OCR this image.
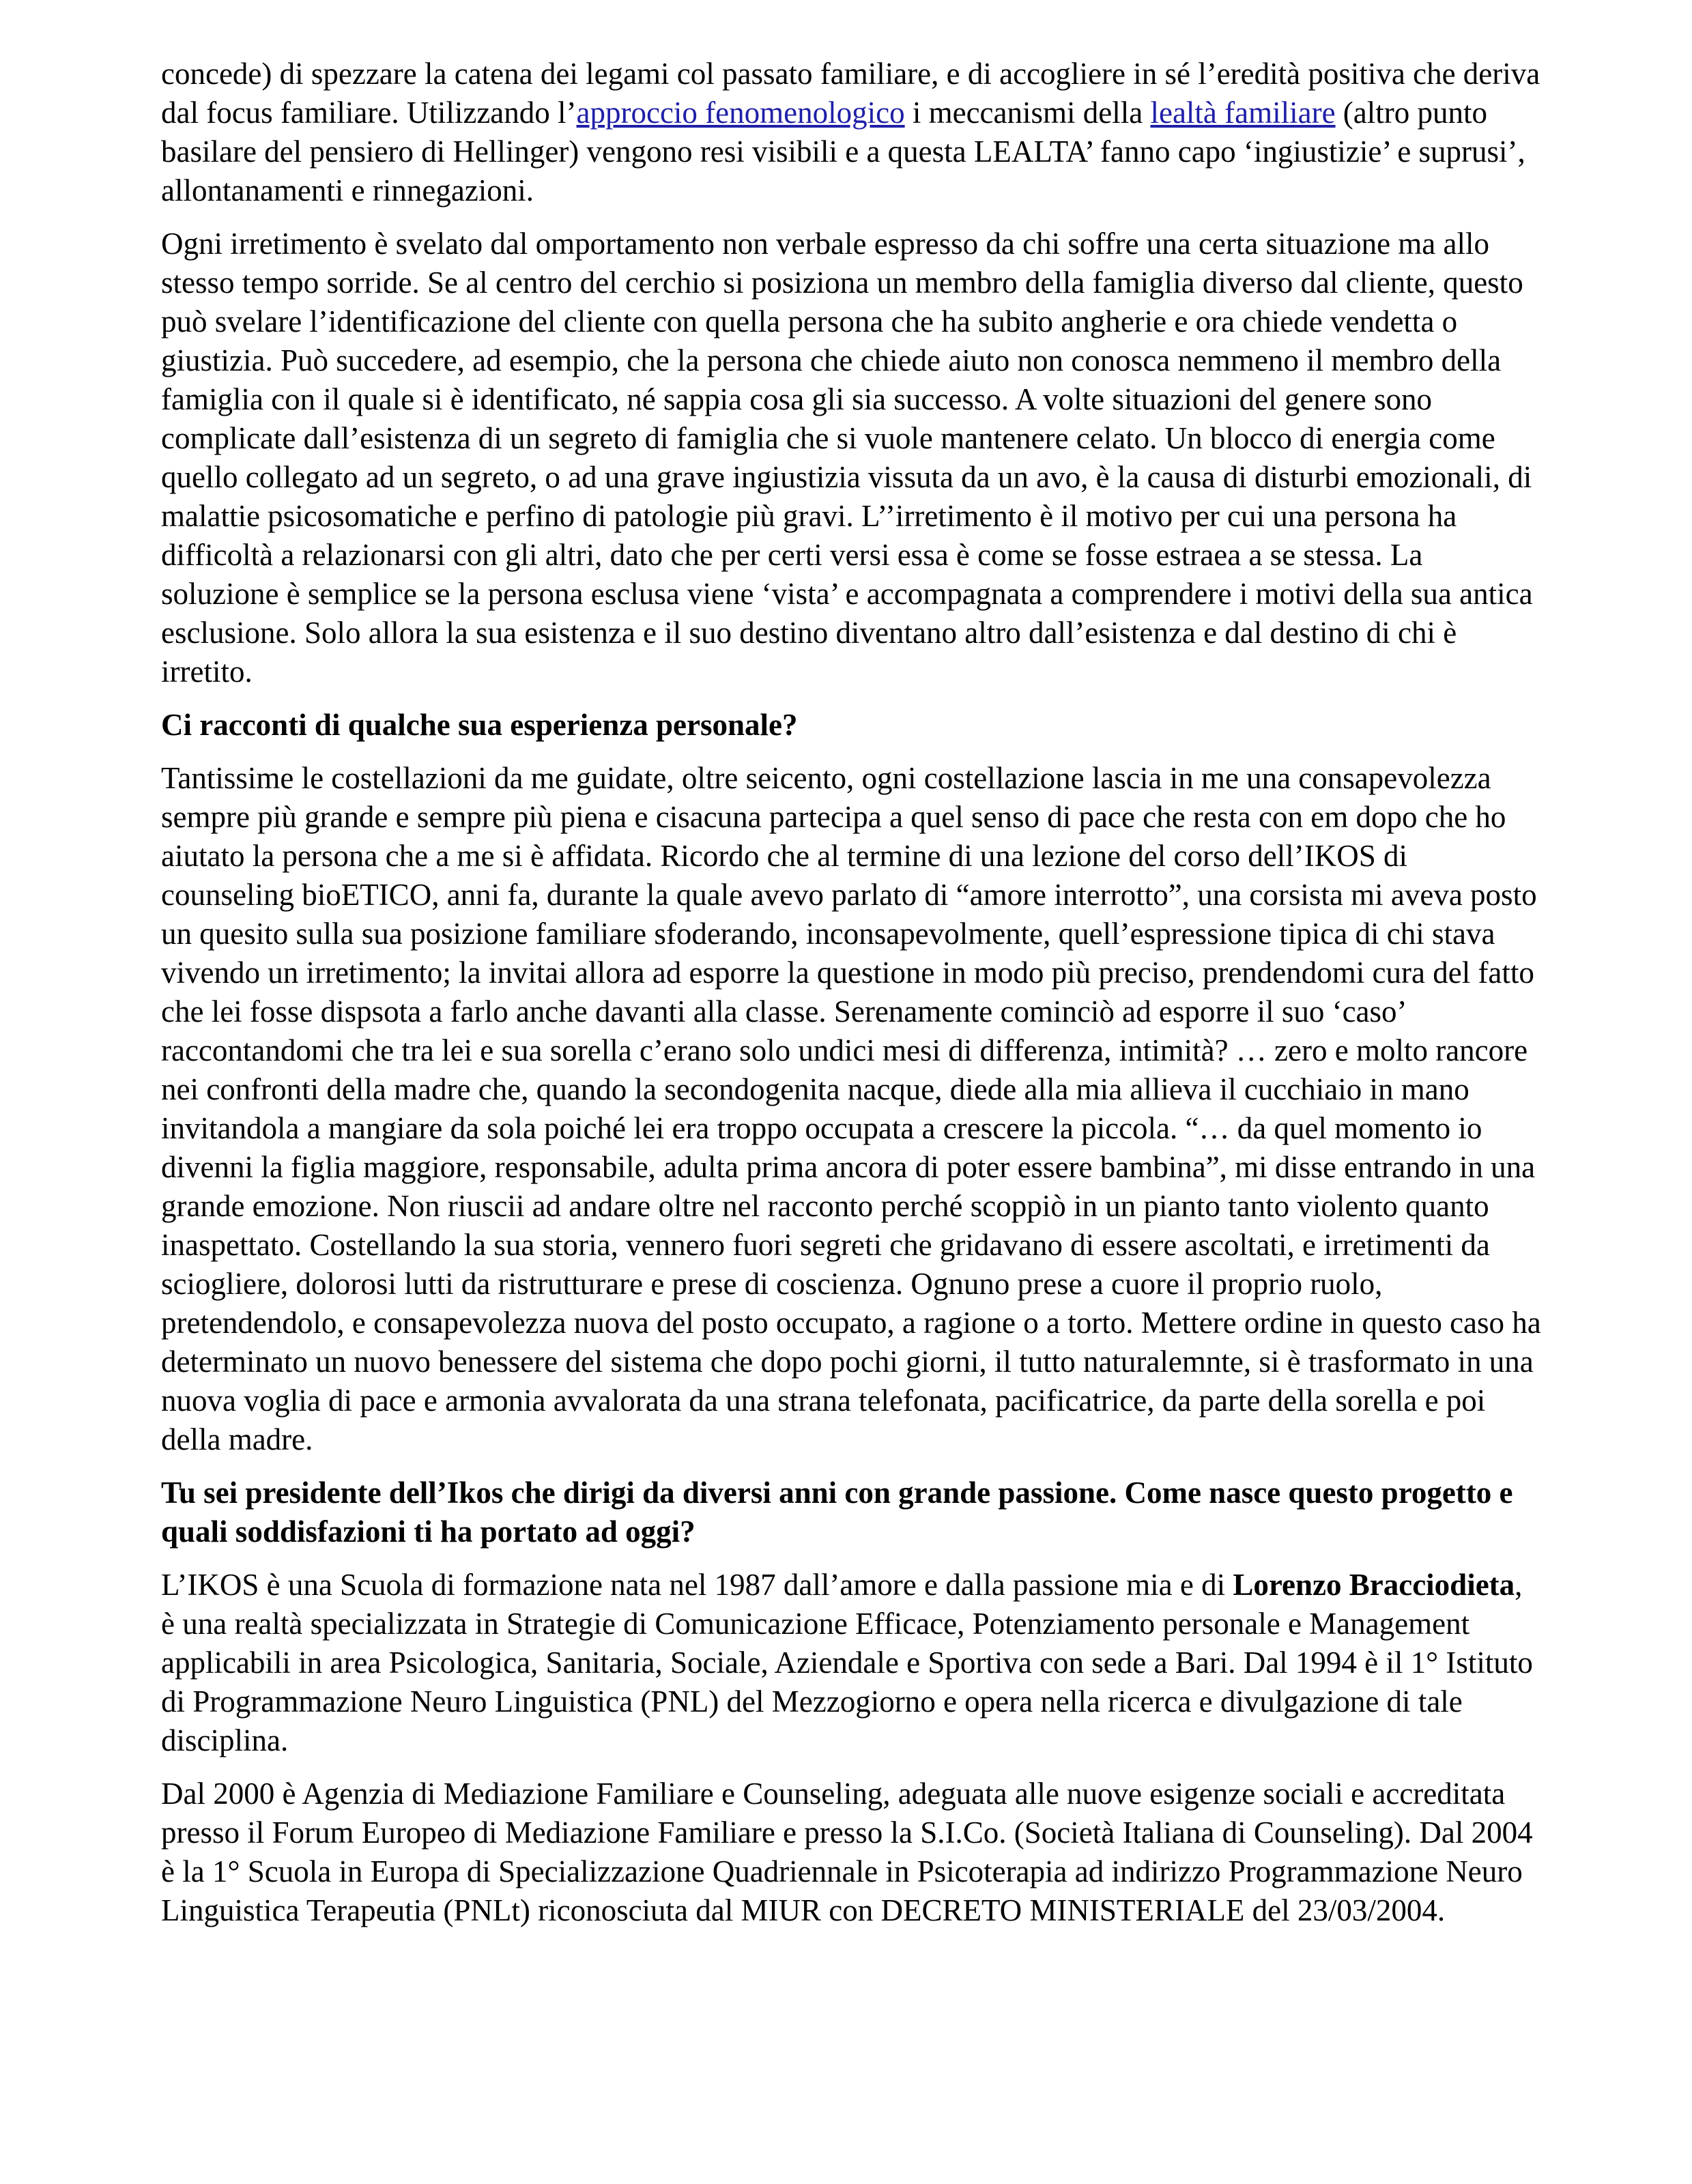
concede) di spezzare la catena dei legami col passato familiare, e di accogliere in sé l’eredità positiva che deriva dal focus familiare. Utilizzando l’approccio fenomenologico i meccanismi della lealtà familiare (altro punto basilare del pensiero di Hellinger) vengono resi visibili e a questa LEALTA’ fanno capo ‘ingiustizie’ e suprusi’, allontanamenti e rinnegazioni.

Ogni irretimento è svelato dal omportamento non verbale espresso da chi soffre una certa situazione ma allo stesso tempo sorride. Se al centro del cerchio si posiziona un membro della famiglia diverso dal cliente, questo può svelare l’identificazione del cliente con quella persona che ha subito angherie e ora chiede vendetta o giustizia. Può succedere, ad esempio, che la persona che chiede aiuto non conosca nemmeno il membro della famiglia con il quale si è identificato, né sappia cosa gli sia successo. A volte situazioni del genere sono complicate dall’esistenza di un segreto di famiglia che si vuole mantenere celato. Un blocco di energia come quello collegato ad un segreto, o ad una grave ingiustizia vissuta da un avo, è la causa di disturbi emozionali, di malattie psicosomatiche e perfino di patologie più gravi. L’’irretimento è il motivo per cui una persona ha difficoltà a relazionarsi con gli altri, dato che per certi versi essa è come se fosse estraea a se stessa. La soluzione è semplice se la persona esclusa viene ‘vista’ e accompagnata a comprendere i motivi della sua antica esclusione. Solo allora la sua esistenza e il suo destino diventano altro dall’esistenza e dal destino di chi è irretito.

Ci racconti di qualche sua esperienza personale?

Tantissime le costellazioni da me guidate, oltre seicento, ogni costellazione lascia in me una consapevolezza sempre più grande e sempre più piena e cisacuna partecipa a quel senso di pace che resta con em dopo che ho aiutato la persona che a me si è affidata. Ricordo che al termine di una lezione del corso dell’IKOS di counseling bioETICO, anni fa, durante la quale avevo parlato di “amore interrotto”, una corsista mi aveva posto un quesito sulla sua posizione familiare sfoderando, inconsapevolmente, quell’espressione tipica di chi stava vivendo un irretimento; la invitai allora ad esporre la questione in modo più preciso, prendendomi cura del fatto che lei fosse dispsota a farlo anche davanti alla classe. Serenamente cominciò ad esporre il suo ‘caso’ raccontandomi che tra lei e sua sorella c’erano solo undici mesi di differenza, intimità? … zero e molto rancore nei confronti della madre che, quando la secondogenita nacque, diede alla mia allieva il cucchiaio in mano invitandola a mangiare da sola poiché lei era troppo occupata a crescere la piccola. “… da quel momento io divenni la figlia maggiore, responsabile, adulta prima ancora di poter essere bambina”, mi disse entrando in una grande emozione. Non riuscii ad andare oltre nel racconto perché scoppiò in un pianto tanto violento quanto inaspettato. Costellando la sua storia, vennero fuori segreti che gridavano di essere ascoltati, e irretimenti da sciogliere, dolorosi lutti da ristrutturare e prese di coscienza. Ognuno prese a cuore il proprio ruolo, pretendendolo, e consapevolezza nuova del posto occupato, a ragione o a torto. Mettere ordine in questo caso ha determinato un nuovo benessere del sistema che dopo pochi giorni, il tutto naturalemnte, si è trasformato in una nuova voglia di pace e armonia avvalorata da una strana telefonata, pacificatrice, da parte della sorella e poi della madre.

Tu sei presidente dell’Ikos che dirigi da diversi anni con grande passione. Come nasce questo progetto e quali soddisfazioni ti ha portato ad oggi?

L’IKOS è una Scuola di formazione nata nel 1987 dall’amore e dalla passione mia e di Lorenzo Bracciodieta, è una realtà specializzata in Strategie di Comunicazione Efficace, Potenziamento personale e Management applicabili in area Psicologica, Sanitaria, Sociale, Aziendale e Sportiva con sede a Bari. Dal 1994 è il 1° Istituto di Programmazione Neuro Linguistica (PNL) del Mezzogiorno e opera nella ricerca e divulgazione di tale disciplina.

Dal 2000 è Agenzia di Mediazione Familiare e Counseling, adeguata alle nuove esigenze sociali e accreditata presso il Forum Europeo di Mediazione Familiare e presso la S.I.Co. (Società Italiana di Counseling). Dal 2004 è la 1° Scuola in Europa di Specializzazione Quadriennale in Psicoterapia ad indirizzo Programmazione Neuro Linguistica Terapeutia (PNLt) riconosciuta dal MIUR con DECRETO MINISTERIALE del 23/03/2004.
